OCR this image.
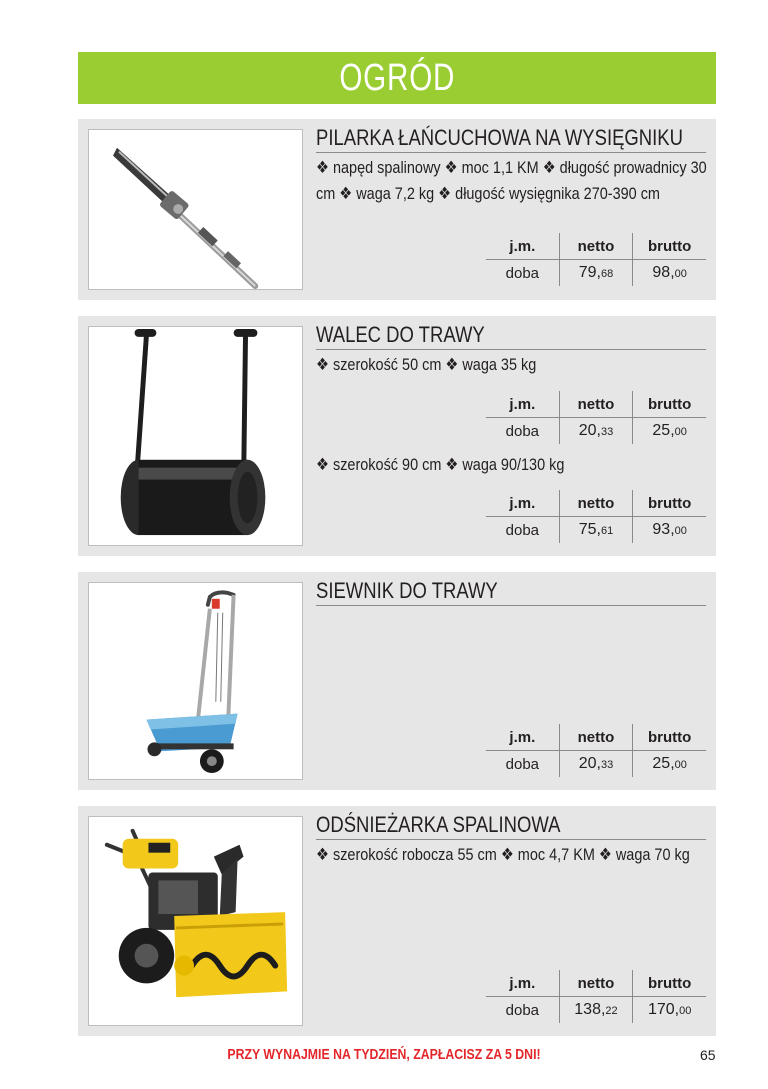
OGRÓD
PILARKA ŁAŃCUCHOWA NA WYSIĘGNIKU
❖ napęd spalinowy ❖ moc 1,1 KM ❖ długość prowadnicy 30 cm ❖ waga 7,2 kg ❖ długość wysięgnika 270-390 cm
j.m.	netto	brutto
doba	79,68	98,00
WALEC DO TRAWY
❖ szerokość 50 cm ❖ waga 35 kg
j.m.	netto	brutto
doba	20,33	25,00
❖ szerokość 90 cm ❖ waga 90/130 kg
j.m.	netto	brutto
doba	75,61	93,00
SIEWNIK DO TRAWY
j.m.	netto	brutto
doba	20,33	25,00
ODŚNIEŻARKA SPALINOWA
❖ szerokość robocza 55 cm ❖ moc 4,7 KM ❖ waga 70 kg
j.m.	netto	brutto
doba	138,22	170,00
PRZY WYNAJMIE NA TYDZIEŃ, ZAPŁACISZ ZA 5 DNI!	65
